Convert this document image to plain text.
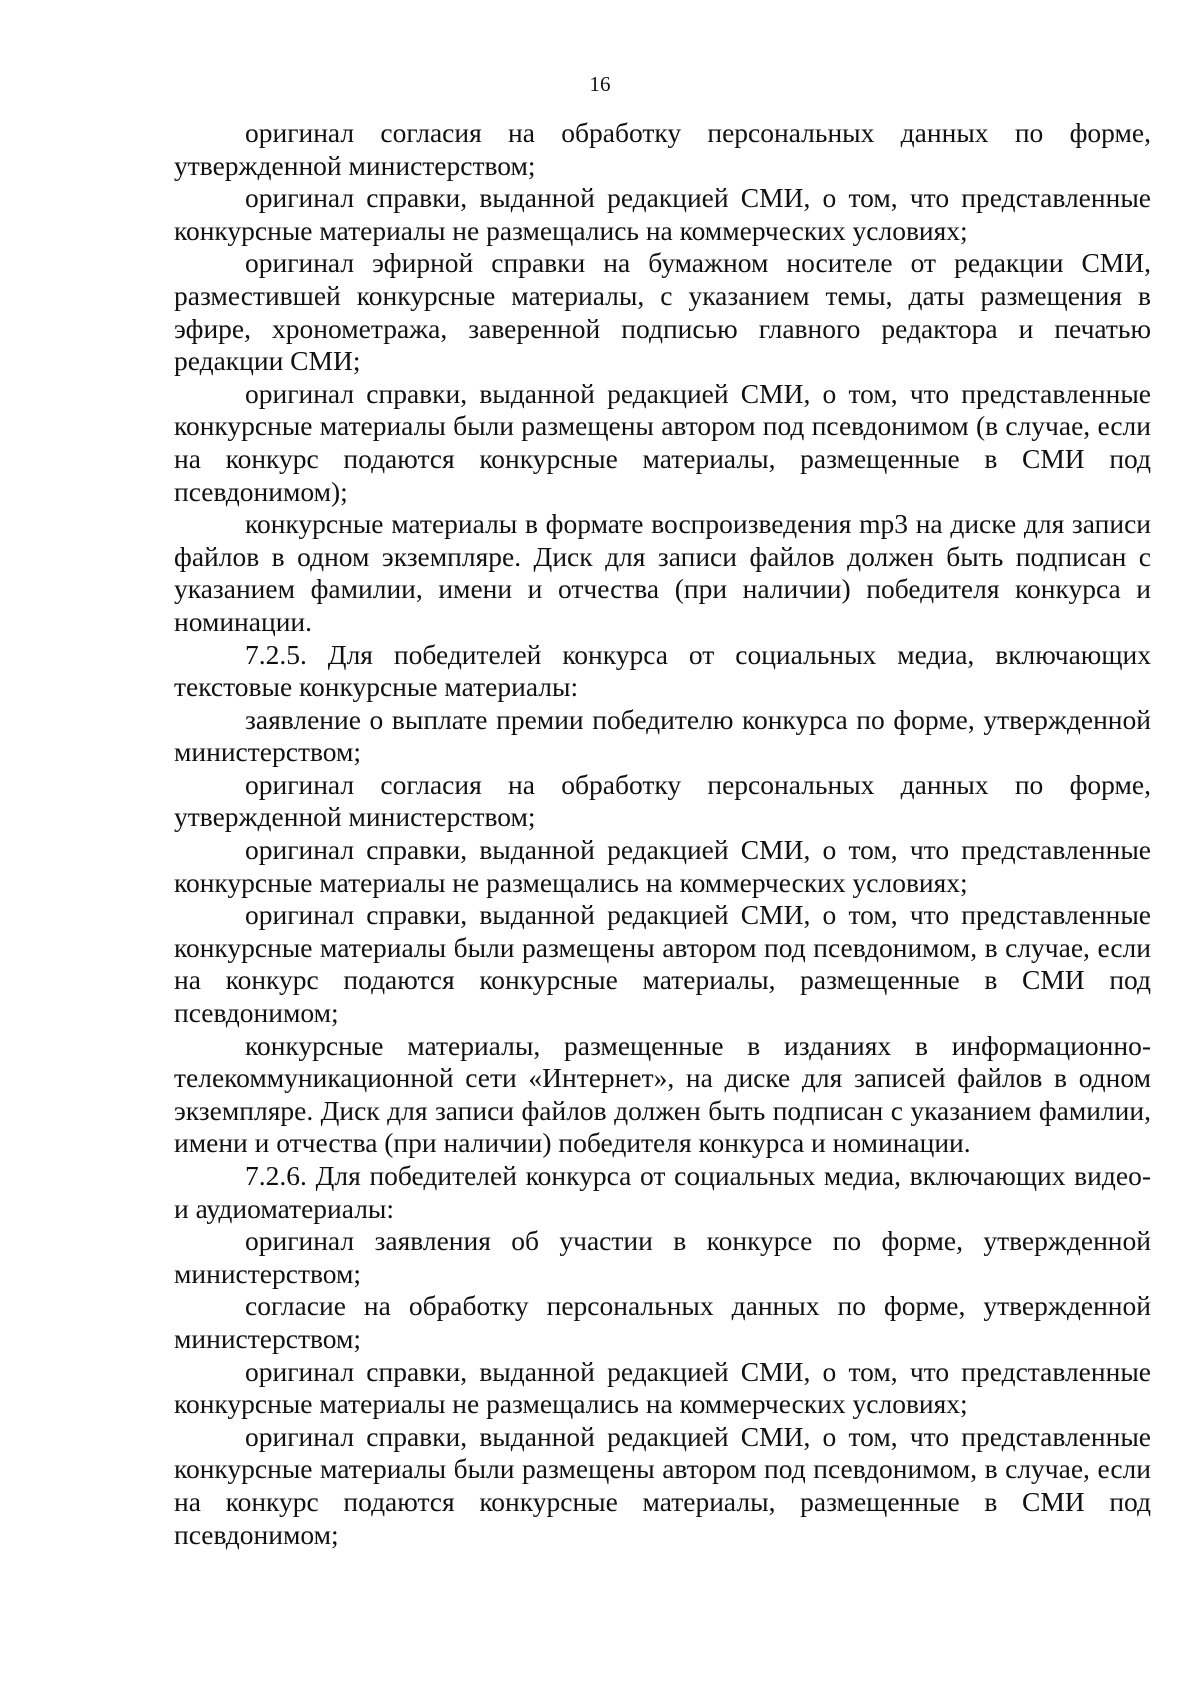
16

оригинал согласия на обработку персональных данных по форме, утвержденной министерством;

оригинал справки, выданной редакцией СМИ, о том, что представленные конкурсные материалы не размещались на коммерческих условиях;

оригинал эфирной справки на бумажном носителе от редакции СМИ, разместившей конкурсные материалы, с указанием темы, даты размещения в эфире, хронометража, заверенной подписью главного редактора и печатью редакции СМИ;

оригинал справки, выданной редакцией СМИ, о том, что представленные конкурсные материалы были размещены автором под псевдонимом (в случае, если на конкурс подаются конкурсные материалы, размещенные в СМИ под псевдонимом);

конкурсные материалы в формате воспроизведения mp3 на диске для записи файлов в одном экземпляре. Диск для записи файлов должен быть подписан с указанием фамилии, имени и отчества (при наличии) победителя конкурса и номинации.

7.2.5. Для победителей конкурса от социальных медиа, включающих текстовые конкурсные материалы:

заявление о выплате премии победителю конкурса по форме, утвержденной министерством;

оригинал согласия на обработку персональных данных по форме, утвержденной министерством;

оригинал справки, выданной редакцией СМИ, о том, что представленные конкурсные материалы не размещались на коммерческих условиях;

оригинал справки, выданной редакцией СМИ, о том, что представленные конкурсные материалы были размещены автором под псевдонимом, в случае, если на конкурс подаются конкурсные материалы, размещенные в СМИ под псевдонимом;

конкурсные материалы, размещенные в изданиях в информационно-телекоммуникационной сети «Интернет», на диске для записей файлов в одном экземпляре. Диск для записи файлов должен быть подписан с указанием фамилии, имени и отчества (при наличии) победителя конкурса и номинации.

7.2.6. Для победителей конкурса от социальных медиа, включающих видео- и аудиоматериалы:

оригинал заявления об участии в конкурсе по форме, утвержденной министерством;

согласие на обработку персональных данных по форме, утвержденной министерством;

оригинал справки, выданной редакцией СМИ, о том, что представленные конкурсные материалы не размещались на коммерческих условиях;

оригинал справки, выданной редакцией СМИ, о том, что представленные конкурсные материалы были размещены автором под псевдонимом, в случае, если на конкурс подаются конкурсные материалы, размещенные в СМИ под псевдонимом;
